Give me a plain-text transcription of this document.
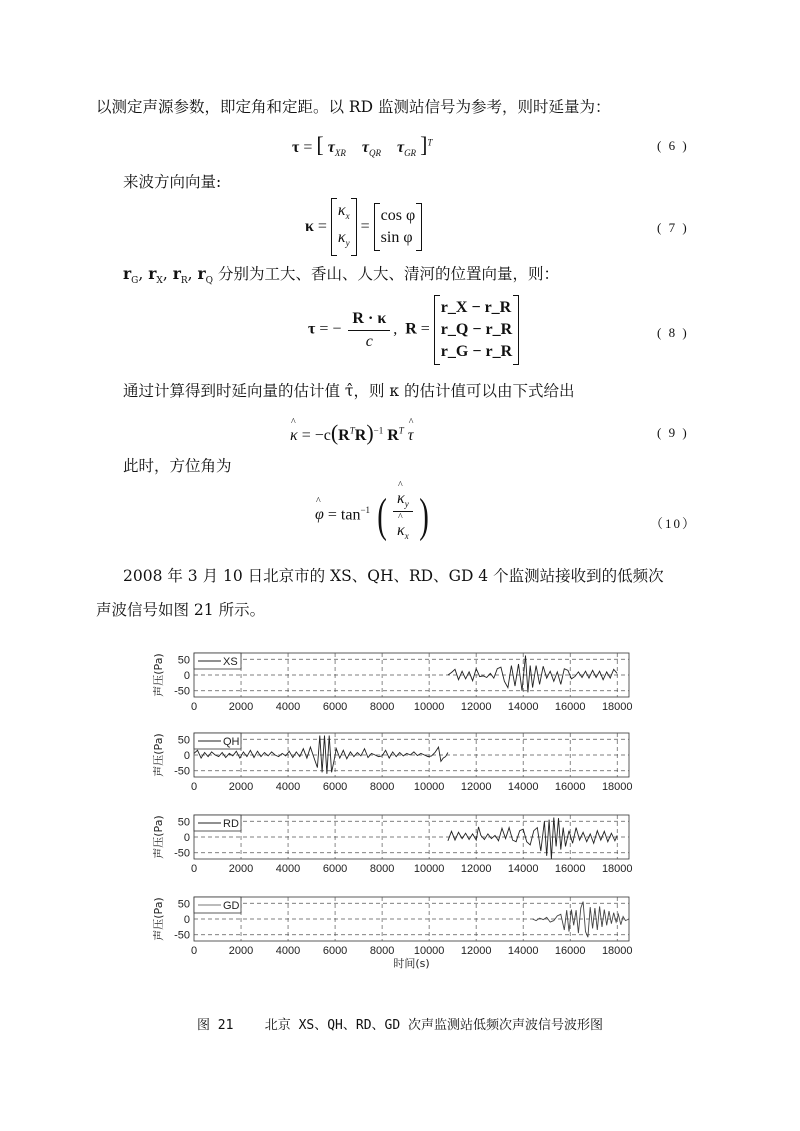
以测定声源参数，即定角和定距。以 RD 监测站信号为参考，则时延量为：
τ = [ $\tau_{XR}$ $\tau_{QR}$ $\tau_{GR}$ ]$^T$	( 6 )
来波方向向量:
κ =
$\kappa_x$
$\kappa_y$
=
cos φ
sin φ
( 7 )
$r_G$, $r_X$, $r_R$, $r_Q$ 分别为工大、香山、人大、清河的位置向量，则：
τ = − $\frac{R \cdot \kappa}{c}$ ,  R =
r_X − r_R
r_Q − r_R
r_G − r_R
( 8 )
通过计算得到时延向量的估计值 τ̂，则 κ 的估计值可以由下式给出
^ $\kappa = -c(R^TR)^{-1}$ $R^T$ ^ τ	( 9 )
此时，方位角为
^ $\varphi = \tan^{-1}$ ( ^ $\kappa_y$
^ $\kappa_x$ )	（10）
2008 年 3 月 10 日北京市的 XS、QH、RD、GD 4 个监测站接收到的低频次
声波信号如图 21 所示。
50
0
-50
0	2000 4000 6000 8000 10000 12000 14000 16000 18000
声压(Pa)	XS
50
0
-50
0	2000 4000 6000 8000 10000 12000 14000 16000 18000
声压(Pa)	QH
50
0
-50
0	2000 4000 6000 8000 10000 12000 14000 16000 18000
声压(Pa)	RD
50
0
-50
0	2000 4000 6000 8000 10000 12000 14000 16000 18000
声压(Pa)	GD
时间(s)
图 21 北京 XS、QH、RD、GD 次声监测站低频次声波信号波形图
